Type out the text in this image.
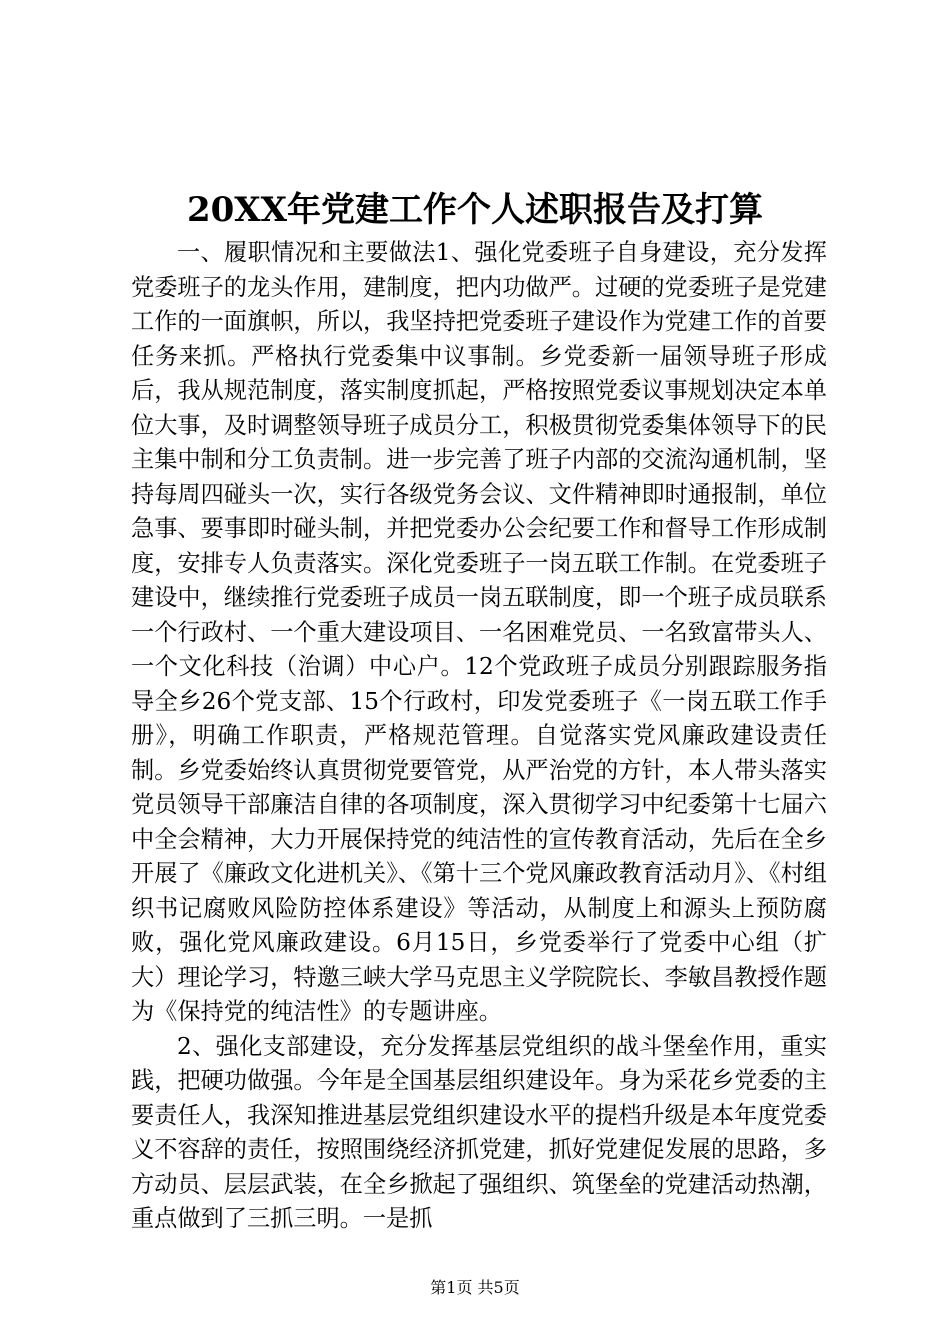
20XX年党建工作个人述职报告及打算

一、履职情况和主要做法1、强化党委班子自身建设，充分发挥党委班子的龙头作用，建制度，把内功做严。过硬的党委班子是党建工作的一面旗帜，所以，我坚持把党委班子建设作为党建工作的首要任务来抓。严格执行党委集中议事制。乡党委新一届领导班子形成后，我从规范制度，落实制度抓起，严格按照党委议事规划决定本单位大事，及时调整领导班子成员分工，积极贯彻党委集体领导下的民主集中制和分工负责制。进一步完善了班子内部的交流沟通机制，坚持每周四碰头一次，实行各级党务会议、文件精神即时通报制，单位急事、要事即时碰头制，并把党委办公会纪要工作和督导工作形成制度，安排专人负责落实。深化党委班子一岗五联工作制。在党委班子建设中，继续推行党委班子成员一岗五联制度，即一个班子成员联系一个行政村、一个重大建设项目、一名困难党员、一名致富带头人、一个文化科技（治调）中心户。12个党政班子成员分别跟踪服务指导全乡26个党支部、15个行政村，印发党委班子《一岗五联工作手册》，明确工作职责，严格规范管理。自觉落实党风廉政建设责任制。乡党委始终认真贯彻党要管党，从严治党的方针，本人带头落实党员领导干部廉洁自律的各项制度，深入贯彻学习中纪委第十七届六中全会精神，大力开展保持党的纯洁性的宣传教育活动，先后在全乡开展了《廉政文化进机关》、《第十三个党风廉政教育活动月》、《村组织书记腐败风险防控体系建设》等活动，从制度上和源头上预防腐败，强化党风廉政建设。6月15日，乡党委举行了党委中心组（扩大）理论学习，特邀三峡大学马克思主义学院院长、李敏昌教授作题为《保持党的纯洁性》的专题讲座。

2、强化支部建设，充分发挥基层党组织的战斗堡垒作用，重实践，把硬功做强。今年是全国基层组织建设年。身为采花乡党委的主要责任人，我深知推进基层党组织建设水平的提档升级是本年度党委义不容辞的责任，按照围绕经济抓党建，抓好党建促发展的思路，多方动员、层层武装，在全乡掀起了强组织、筑堡垒的党建活动热潮，重点做到了三抓三明。一是抓

第1页 共5页
